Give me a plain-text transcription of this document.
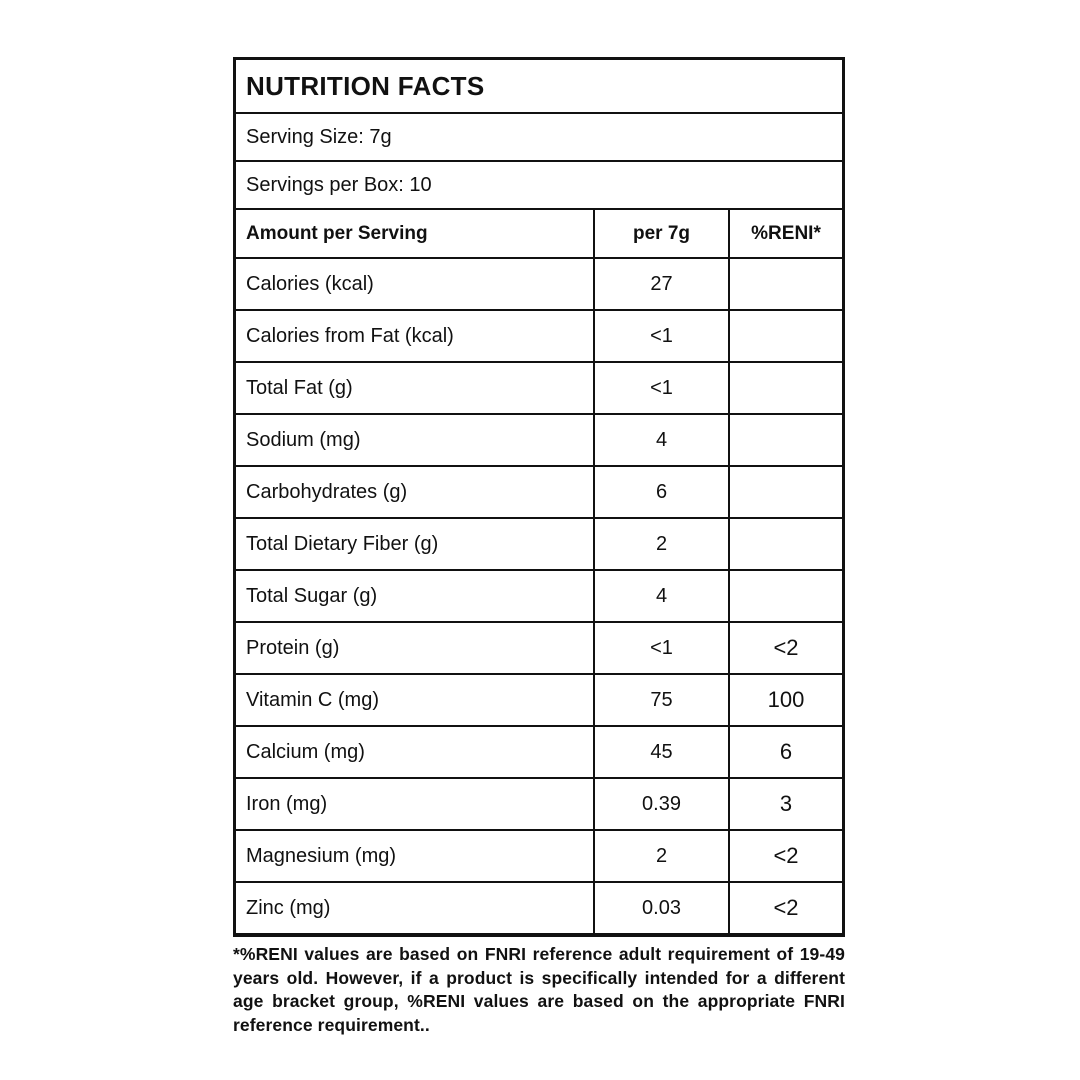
NUTRITION FACTS
Serving Size: 7g
Servings per Box: 10
Amount per Serving	per 7g	%RENI*
Calories (kcal)	27
Calories from Fat (kcal)	<1
Total Fat (g)	<1
Sodium (mg)	4
Carbohydrates (g)	6
Total Dietary Fiber (g)	2
Total Sugar (g)	4
Protein (g)	<1	<2
Vitamin C (mg)	75	100
Calcium (mg)	45	6
Iron (mg)	0.39	3
Magnesium (mg)	2	<2
Zinc (mg)	0.03	<2
*%RENI values are based on FNRI reference adult requirement of 19-49 years old. However, if a product is specifically intended for a different age bracket group, %RENI values are based on the appropriate FNRI reference requirement..
